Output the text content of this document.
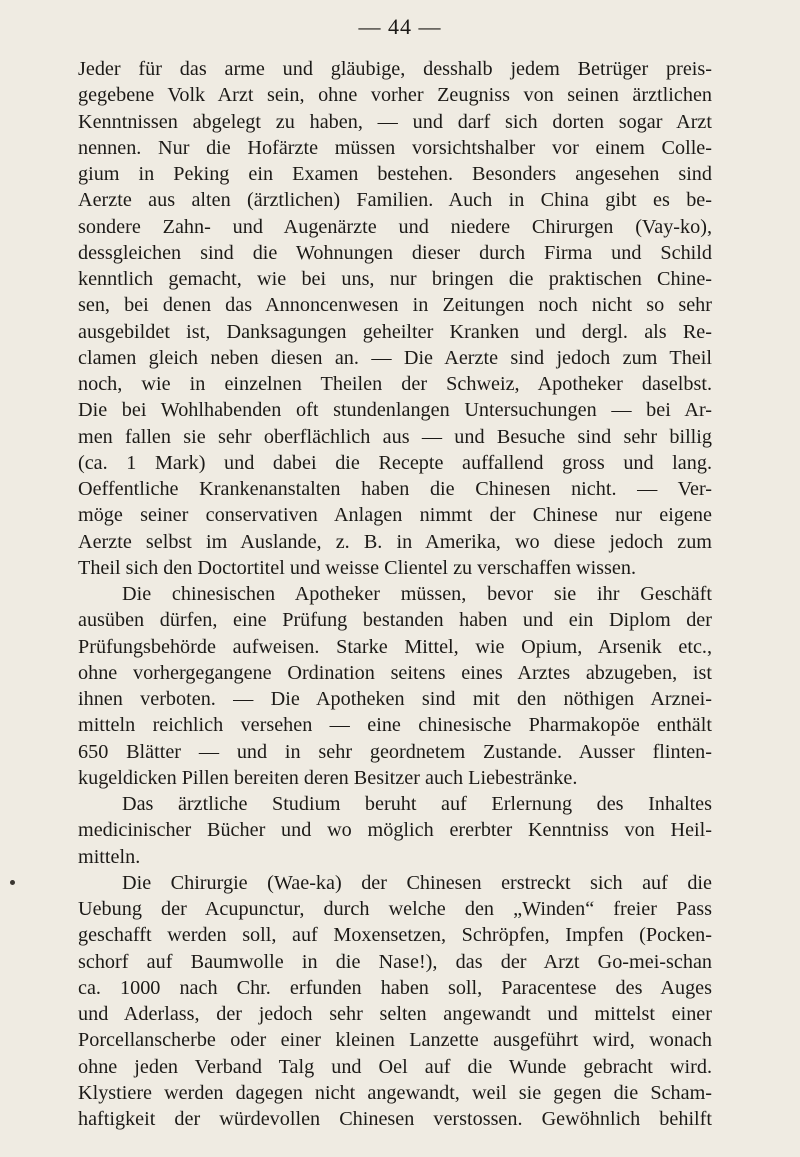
— 44 —
Jeder für das arme und gläubige, desshalb jedem Betrüger preis-
gegebene Volk Arzt sein, ohne vorher Zeugniss von seinen ärztlichen
Kenntnissen abgelegt zu haben, — und darf sich dorten sogar Arzt
nennen. Nur die Hofärzte müssen vorsichtshalber vor einem Colle-
gium in Peking ein Examen bestehen. Besonders angesehen sind
Aerzte aus alten (ärztlichen) Familien. Auch in China gibt es be-
sondere Zahn- und Augenärzte und niedere Chirurgen (Vay-ko),
dessgleichen sind die Wohnungen dieser durch Firma und Schild
kenntlich gemacht, wie bei uns, nur bringen die praktischen Chine-
sen, bei denen das Annoncenwesen in Zeitungen noch nicht so sehr
ausgebildet ist, Danksagungen geheilter Kranken und dergl. als Re-
clamen gleich neben diesen an. — Die Aerzte sind jedoch zum Theil
noch, wie in einzelnen Theilen der Schweiz, Apotheker daselbst.
Die bei Wohlhabenden oft stundenlangen Untersuchungen — bei Ar-
men fallen sie sehr oberflächlich aus — und Besuche sind sehr billig
(ca. 1 Mark) und dabei die Recepte auffallend gross und lang.
Oeffentliche Krankenanstalten haben die Chinesen nicht. — Ver-
möge seiner conservativen Anlagen nimmt der Chinese nur eigene
Aerzte selbst im Auslande, z. B. in Amerika, wo diese jedoch zum
Theil sich den Doctortitel und weisse Clientel zu verschaffen wissen.
Die chinesischen Apotheker müssen, bevor sie ihr Geschäft
ausüben dürfen, eine Prüfung bestanden haben und ein Diplom der
Prüfungsbehörde aufweisen. Starke Mittel, wie Opium, Arsenik etc.,
ohne vorhergegangene Ordination seitens eines Arztes abzugeben, ist
ihnen verboten. — Die Apotheken sind mit den nöthigen Arznei-
mitteln reichlich versehen — eine chinesische Pharmakopöe enthält
650 Blätter — und in sehr geordnetem Zustande. Ausser flinten-
kugeldicken Pillen bereiten deren Besitzer auch Liebestränke.
Das ärztliche Studium beruht auf Erlernung des Inhaltes
medicinischer Bücher und wo möglich ererbter Kenntniss von Heil-
mitteln.
Die Chirurgie (Wae-ka) der Chinesen erstreckt sich auf die
Uebung der Acupunctur, durch welche den „Winden“ freier Pass
geschafft werden soll, auf Moxensetzen, Schröpfen, Impfen (Pocken-
schorf auf Baumwolle in die Nase!), das der Arzt Go-mei-schan
ca. 1000 nach Chr. erfunden haben soll, Paracentese des Auges
und Aderlass, der jedoch sehr selten angewandt und mittelst einer
Porcellanscherbe oder einer kleinen Lanzette ausgeführt wird, wonach
ohne jeden Verband Talg und Oel auf die Wunde gebracht wird.
Klystiere werden dagegen nicht angewandt, weil sie gegen die Scham-
haftigkeit der würdevollen Chinesen verstossen. Gewöhnlich behilft
